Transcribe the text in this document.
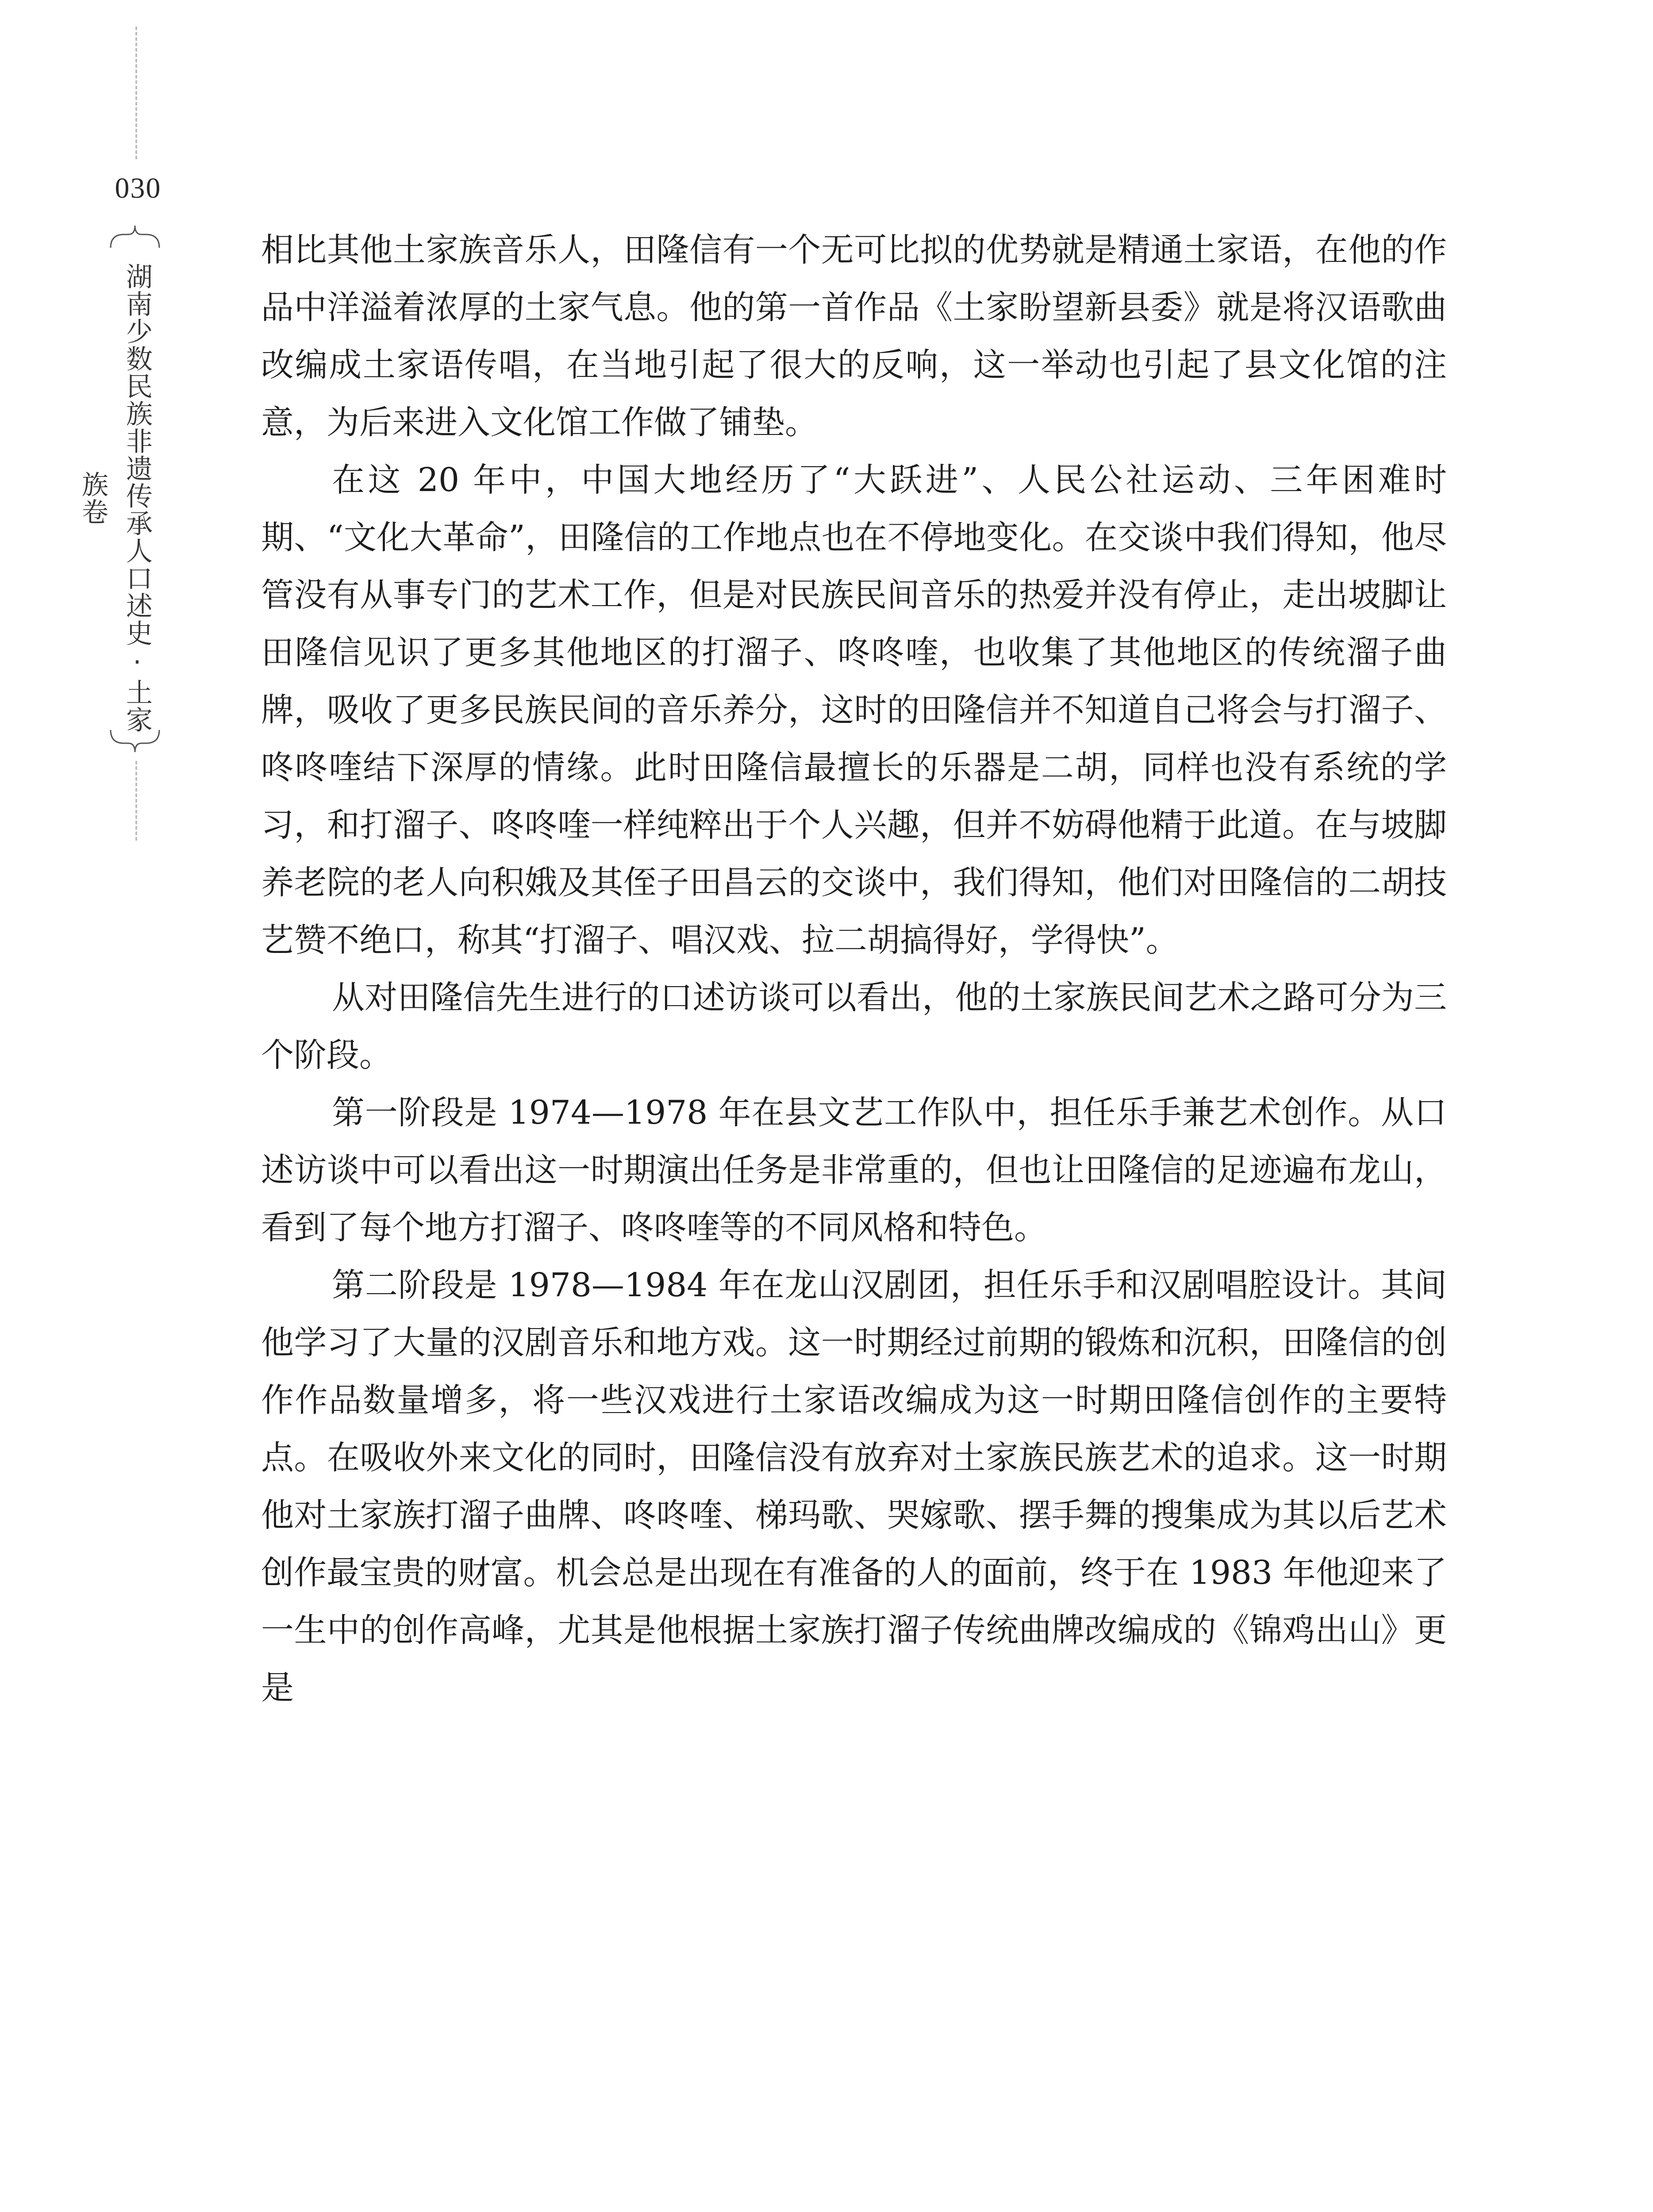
030
湖南少数民族非遗传承人口述史·土家族卷

相比其他土家族音乐人，田隆信有一个无可比拟的优势就是精通土家语，在他的作品中洋溢着浓厚的土家气息。他的第一首作品《土家盼望新县委》就是将汉语歌曲改编成土家语传唱，在当地引起了很大的反响，这一举动也引起了县文化馆的注意，为后来进入文化馆工作做了铺垫。

在这 20 年中，中国大地经历了“大跃进”、人民公社运动、三年困难时期、“文化大革命”，田隆信的工作地点也在不停地变化。在交谈中我们得知，他尽管没有从事专门的艺术工作，但是对民族民间音乐的热爱并没有停止，走出坡脚让田隆信见识了更多其他地区的打溜子、咚咚喹，也收集了其他地区的传统溜子曲牌，吸收了更多民族民间的音乐养分，这时的田隆信并不知道自己将会与打溜子、咚咚喹结下深厚的情缘。此时田隆信最擅长的乐器是二胡，同样也没有系统的学习，和打溜子、咚咚喹一样纯粹出于个人兴趣，但并不妨碍他精于此道。在与坡脚养老院的老人向积娥及其侄子田昌云的交谈中，我们得知，他们对田隆信的二胡技艺赞不绝口，称其“打溜子、唱汉戏、拉二胡搞得好，学得快”。

从对田隆信先生进行的口述访谈可以看出，他的土家族民间艺术之路可分为三个阶段。

第一阶段是 1974—1978 年在县文艺工作队中，担任乐手兼艺术创作。从口述访谈中可以看出这一时期演出任务是非常重的，但也让田隆信的足迹遍布龙山，看到了每个地方打溜子、咚咚喹等的不同风格和特色。

第二阶段是 1978—1984 年在龙山汉剧团，担任乐手和汉剧唱腔设计。其间他学习了大量的汉剧音乐和地方戏。这一时期经过前期的锻炼和沉积，田隆信的创作作品数量增多，将一些汉戏进行土家语改编成为这一时期田隆信创作的主要特点。在吸收外来文化的同时，田隆信没有放弃对土家族民族艺术的追求。这一时期他对土家族打溜子曲牌、咚咚喹、梯玛歌、哭嫁歌、摆手舞的搜集成为其以后艺术创作最宝贵的财富。机会总是出现在有准备的人的面前，终于在 1983 年他迎来了一生中的创作高峰，尤其是他根据土家族打溜子传统曲牌改编成的《锦鸡出山》更是
